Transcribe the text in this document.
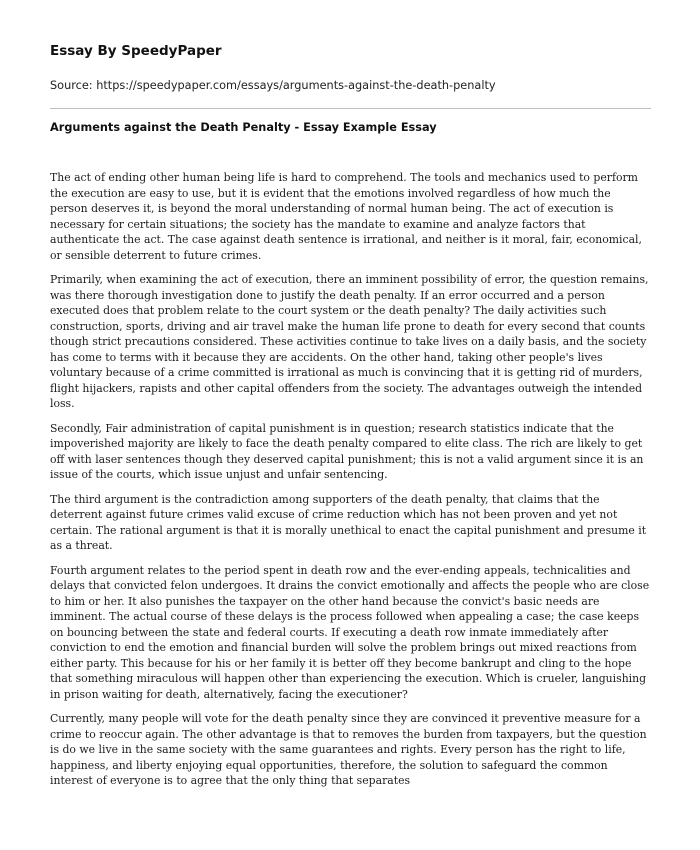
Essay By SpeedyPaper
Source: https://speedypaper.com/essays/arguments-against-the-death-penalty
Arguments against the Death Penalty - Essay Example Essay

The act of ending other human being life is hard to comprehend. The tools and mechanics used to perform the execution are easy to use, but it is evident that the emotions involved regardless of how much the person deserves it, is beyond the moral understanding of normal human being. The act of execution is necessary for certain situations; the society has the mandate to examine and analyze factors that authenticate the act. The case against death sentence is irrational, and neither is it moral, fair, economical, or sensible deterrent to future crimes.

Primarily, when examining the act of execution, there an imminent possibility of error, the question remains, was there thorough investigation done to justify the death penalty. If an error occurred and a person executed does that problem relate to the court system or the death penalty? The daily activities such construction, sports, driving and air travel make the human life prone to death for every second that counts though strict precautions considered. These activities continue to take lives on a daily basis, and the society has come to terms with it because they are accidents. On the other hand, taking other people's lives voluntary because of a crime committed is irrational as much is convincing that it is getting rid of murders, flight hijackers, rapists and other capital offenders from the society. The advantages outweigh the intended loss.

Secondly, Fair administration of capital punishment is in question; research statistics indicate that the impoverished majority are likely to face the death penalty compared to elite class. The rich are likely to get off with laser sentences though they deserved capital punishment; this is not a valid argument since it is an issue of the courts, which issue unjust and unfair sentencing.

The third argument is the contradiction among supporters of the death penalty, that claims that the deterrent against future crimes valid excuse of crime reduction which has not been proven and yet not certain. The rational argument is that it is morally unethical to enact the capital punishment and presume it as a threat.

Fourth argument relates to the period spent in death row and the ever-ending appeals, technicalities and delays that convicted felon undergoes. It drains the convict emotionally and affects the people who are close to him or her. It also punishes the taxpayer on the other hand because the convict's basic needs are imminent. The actual course of these delays is the process followed when appealing a case; the case keeps on bouncing between the state and federal courts. If executing a death row inmate immediately after conviction to end the emotion and financial burden will solve the problem brings out mixed reactions from either party. This because for his or her family it is better off they become bankrupt and cling to the hope that something miraculous will happen other than experiencing the execution. Which is crueler, languishing in prison waiting for death, alternatively, facing the executioner?

Currently, many people will vote for the death penalty since they are convinced it preventive measure for a crime to reoccur again. The other advantage is that to removes the burden from taxpayers, but the question is do we live in the same society with the same guarantees and rights. Every person has the right to life, happiness, and liberty enjoying equal opportunities, therefore, the solution to safeguard the common interest of everyone is to agree that the only thing that separates
